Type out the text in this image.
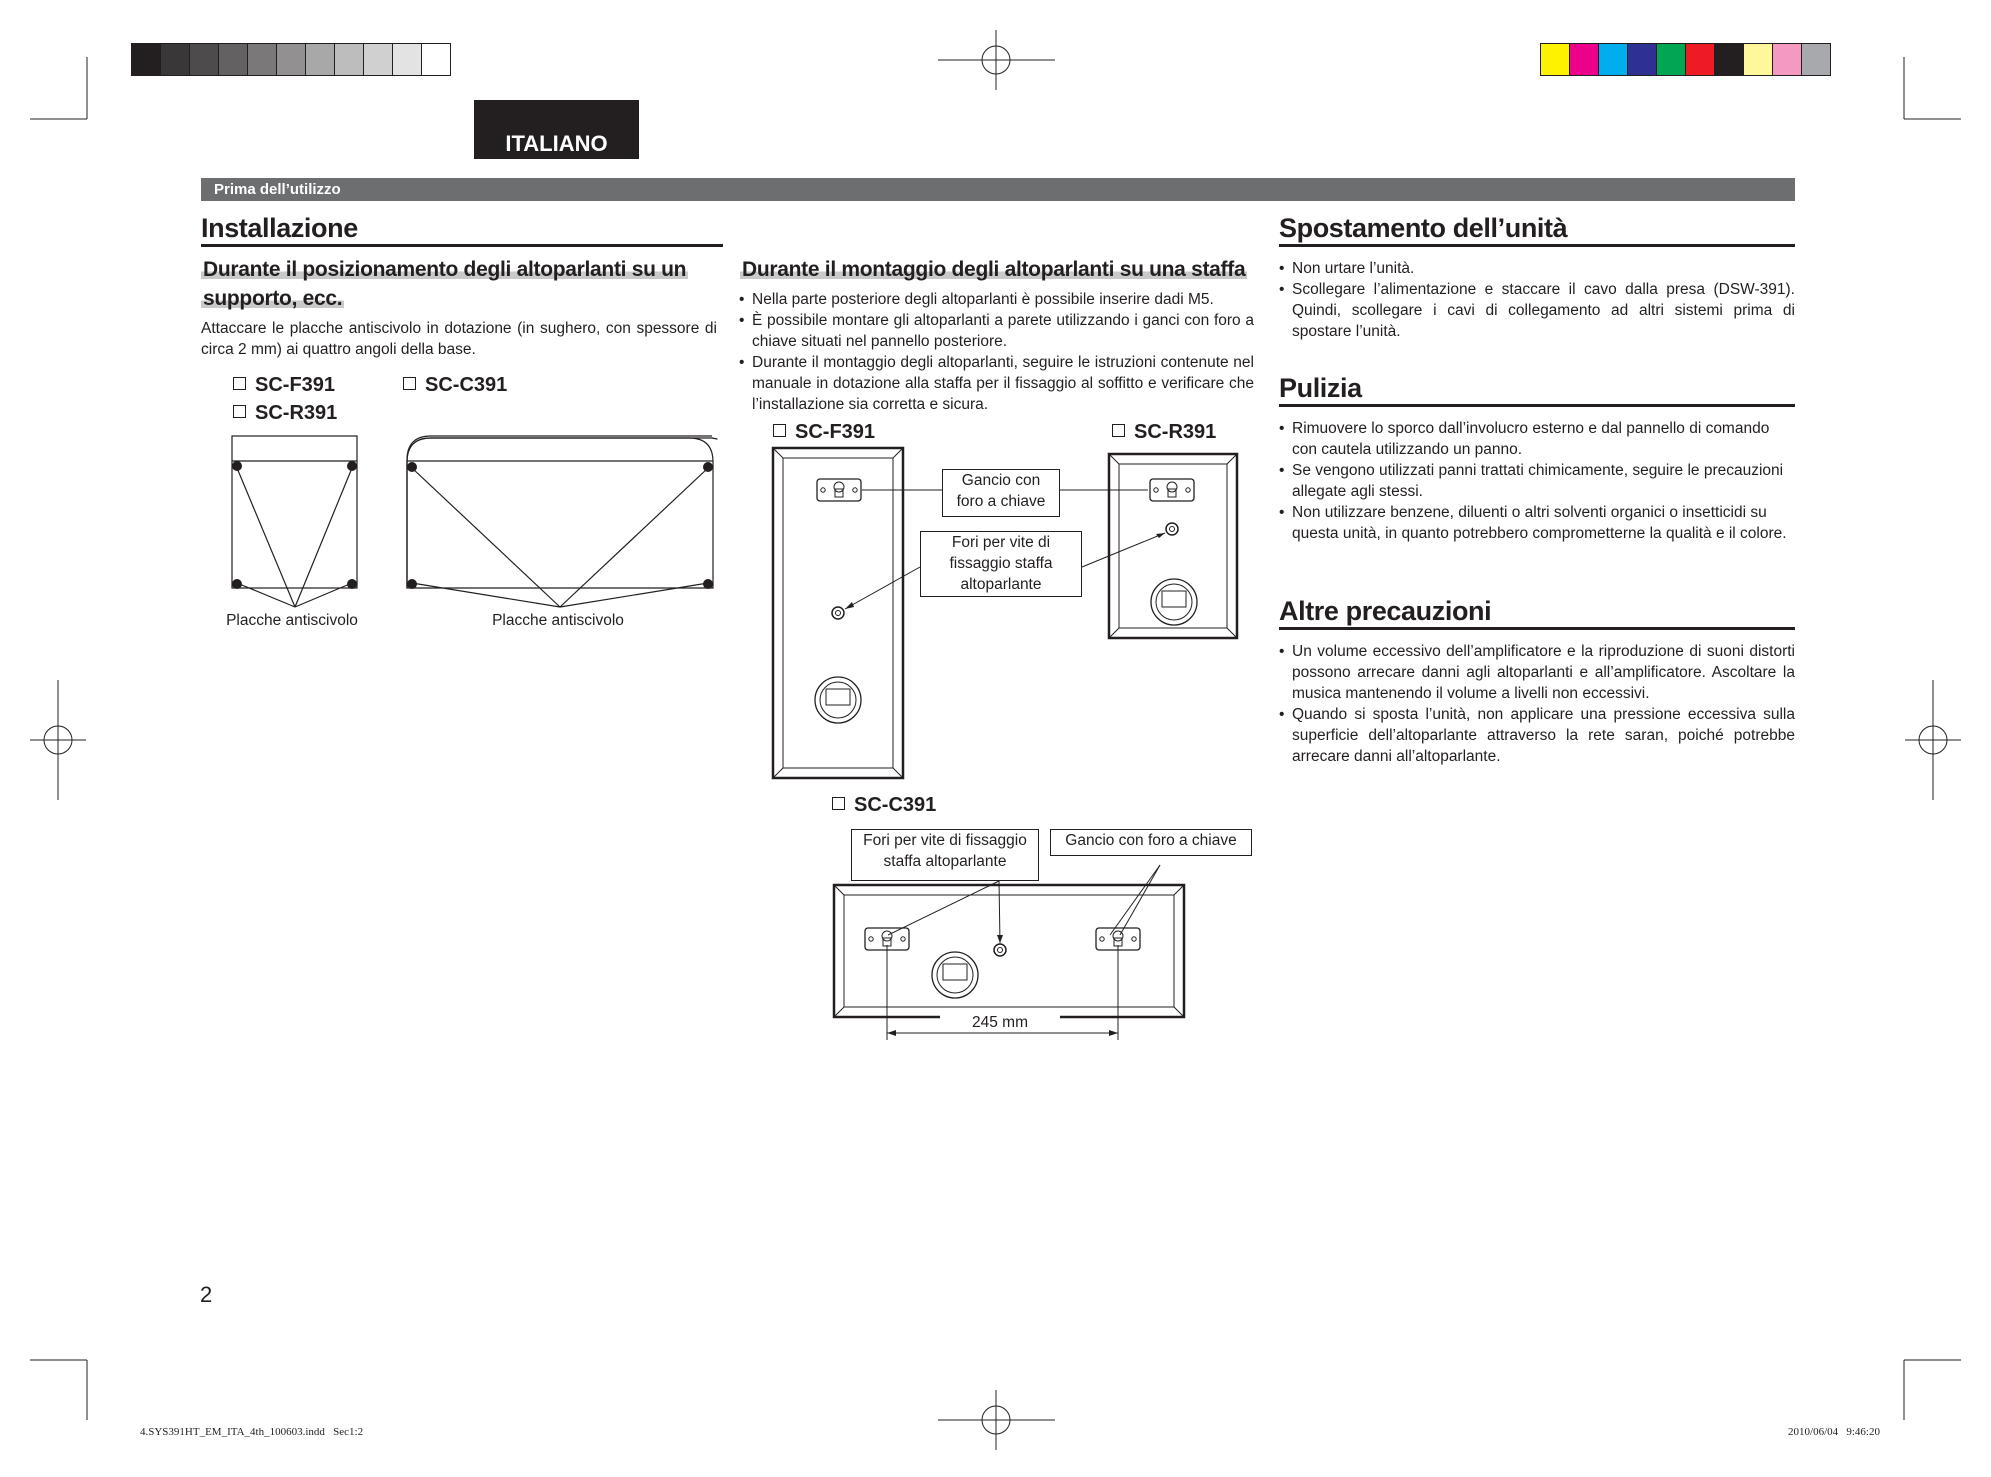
ITALIANO
Prima dell’utilizzo
Installazione
Durante il posizionamento degli altoparlanti su un
supporto, ecc.
Attaccare le placche antiscivolo in dotazione (in sughero, con spessore di circa 2 mm) ai quattro angoli della base.
SC-F391	SC-C391
SC-R391
Placche antiscivolo	Placche antiscivolo
Durante il montaggio degli altoparlanti su una staffa
• Nella parte posteriore degli altoparlanti è possibile inserire dadi M5.
• È possibile montare gli altoparlanti a parete utilizzando i ganci con foro a chiave situati nel pannello posteriore.
• Durante il montaggio degli altoparlanti, seguire le istruzioni contenute nel manuale in dotazione alla staffa per il fissaggio al soffitto e verificare che l’installazione sia corretta e sicura.
SC-F391	SC-R391
Gancio con
foro a chiave
Fori per vite di
fissaggio staffa
altoparlante
SC-C391
Fori per vite di fissaggio
staffa altoparlante
Gancio con foro a chiave
245 mm
Spostamento dell’unità
• Non urtare l’unità.
• Scollegare l’alimentazione e staccare il cavo dalla presa (DSW-391). Quindi, scollegare i cavi di collegamento ad altri sistemi prima di spostare l’unità.
Pulizia
• Rimuovere lo sporco dall’involucro esterno e dal pannello di comando con cautela utilizzando un panno.
• Se vengono utilizzati panni trattati chimicamente, seguire le precauzioni allegate agli stessi.
• Non utilizzare benzene, diluenti o altri solventi organici o insetticidi su questa unità, in quanto potrebbero comprometterne la qualità e il colore.
Altre precauzioni
• Un volume eccessivo dell’amplificatore e la riproduzione di suoni distorti possono arrecare danni agli altoparlanti e all’amplificatore. Ascoltare la musica mantenendo il volume a livelli non eccessivi.
• Quando si sposta l’unità, non applicare una pressione eccessiva sulla superficie dell’altoparlante attraverso la rete saran, poiché potrebbe arrecare danni all’altoparlante.
2
4.SYS391HT_EM_ITA_4th_100603.indd   Sec1:2	2010/06/04   9:46:20
